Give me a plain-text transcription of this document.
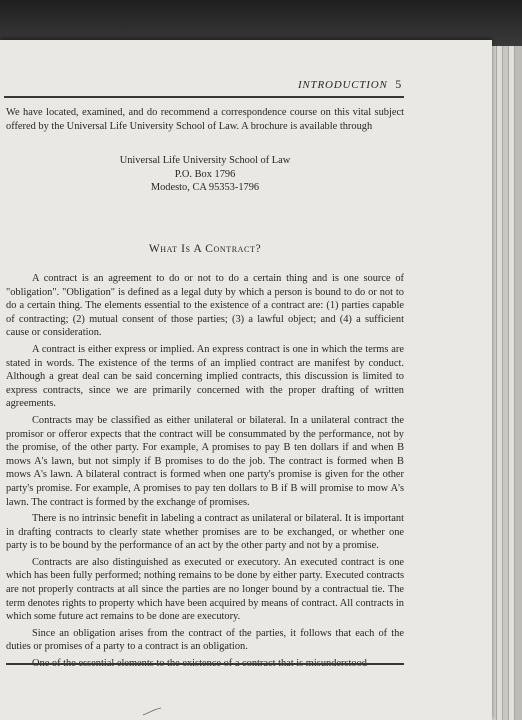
INTRODUCTION 5

We have located, examined, and do recommend a correspondence course on this vital subject offered by the Universal Life University School of Law. A brochure is available through

Universal Life University School of Law
P.O. Box 1796
Modesto, CA 95353-1796
What Is A Contract?

A contract is an agreement to do or not to do a certain thing and is one source of "obligation". "Obligation" is defined as a legal duty by which a person is bound to do or not to do a certain thing. The elements essential to the existence of a contract are: (1) parties capable of contracting; (2) mutual consent of those parties; (3) a lawful object; and (4) a sufficient cause or consideration.

A contract is either express or implied. An express contract is one in which the terms are stated in words. The existence of the terms of an implied contract are manifest by conduct. Although a great deal can be said concerning implied contracts, this discussion is limited to express contracts, since we are primarily concerned with the proper drafting of written agreements.

Contracts may be classified as either unilateral or bilateral. In a unilateral contract the promisor or offeror expects that the contract will be consummated by the performance, not by the promise, of the other party. For example, A promises to pay B ten dollars if and when B mows A's lawn, but not simply if B promises to do the job. The contract is formed when B mows A's lawn. A bilateral contract is formed when one party's promise is given for the other party's promise. For example, A promises to pay ten dollars to B if B will promise to mow A's lawn. The contract is formed by the exchange of promises.

There is no intrinsic benefit in labeling a contract as unilateral or bilateral. It is important in drafting contracts to clearly state whether promises are to be exchanged, or whether one party is to be bound by the performance of an act by the other party and not by a promise.

Contracts are also distinguished as executed or executory. An executed contract is one which has been fully performed; nothing remains to be done by either party. Executed contracts are not properly contracts at all since the parties are no longer bound by a contractual tie. The term denotes rights to property which have been acquired by means of contract. All contracts in which some future act remains to be done are executory.

Since an obligation arises from the contract of the parties, it follows that each of the duties or promises of a party to a contract is an obligation.
